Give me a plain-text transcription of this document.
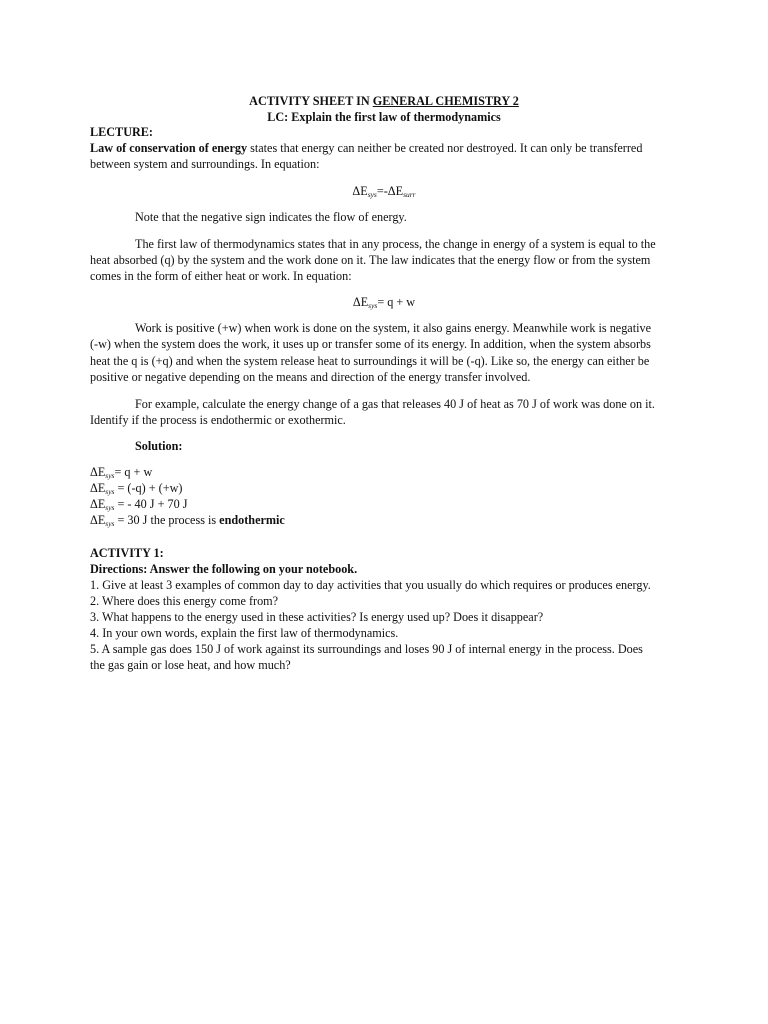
ACTIVITY SHEET IN GENERAL CHEMISTRY 2
LC: Explain the first law of thermodynamics
LECTURE:
Law of conservation of energy states that energy can neither be created nor destroyed. It can only be transferred
between system and surroundings. In equation:
$\Delta E_{sys}=-\Delta E_{surr}$
Note that the negative sign indicates the flow of energy.
The first law of thermodynamics states that in any process, the change in energy of a system is equal to the
heat absorbed (q) by the system and the work done on it. The law indicates that the energy flow or from the system
comes in the form of either heat or work. In equation:
$\Delta E_{sys}= q + w$
Work is positive (+w) when work is done on the system, it also gains energy. Meanwhile work is negative
(-w) when the system does the work, it uses up or transfer some of its energy. In addition, when the system absorbs
heat the q is (+q) and when the system release heat to surroundings it will be (-q). Like so, the energy can either be
positive or negative depending on the means and direction of the energy transfer involved.
For example, calculate the energy change of a gas that releases 40 J of heat as 70 J of work was done on it.
Identify if the process is endothermic or exothermic.
Solution:
$\Delta E_{sys}= q + w$
$\Delta E_{sys} = (-q) + (+w)$
$\Delta E_{sys}$ = - 40 J + 70 J
$\Delta E_{sys} = 30$ J the process is endothermic
ACTIVITY 1:
Directions: Answer the following on your notebook.
1. Give at least 3 examples of common day to day activities that you usually do which requires or produces energy.
2. Where does this energy come from?
3. What happens to the energy used in these activities? Is energy used up? Does it disappear?
4. In your own words, explain the first law of thermodynamics.
5. A sample gas does 150 J of work against its surroundings and loses 90 J of internal energy in the process. Does
the gas gain or lose heat, and how much?
